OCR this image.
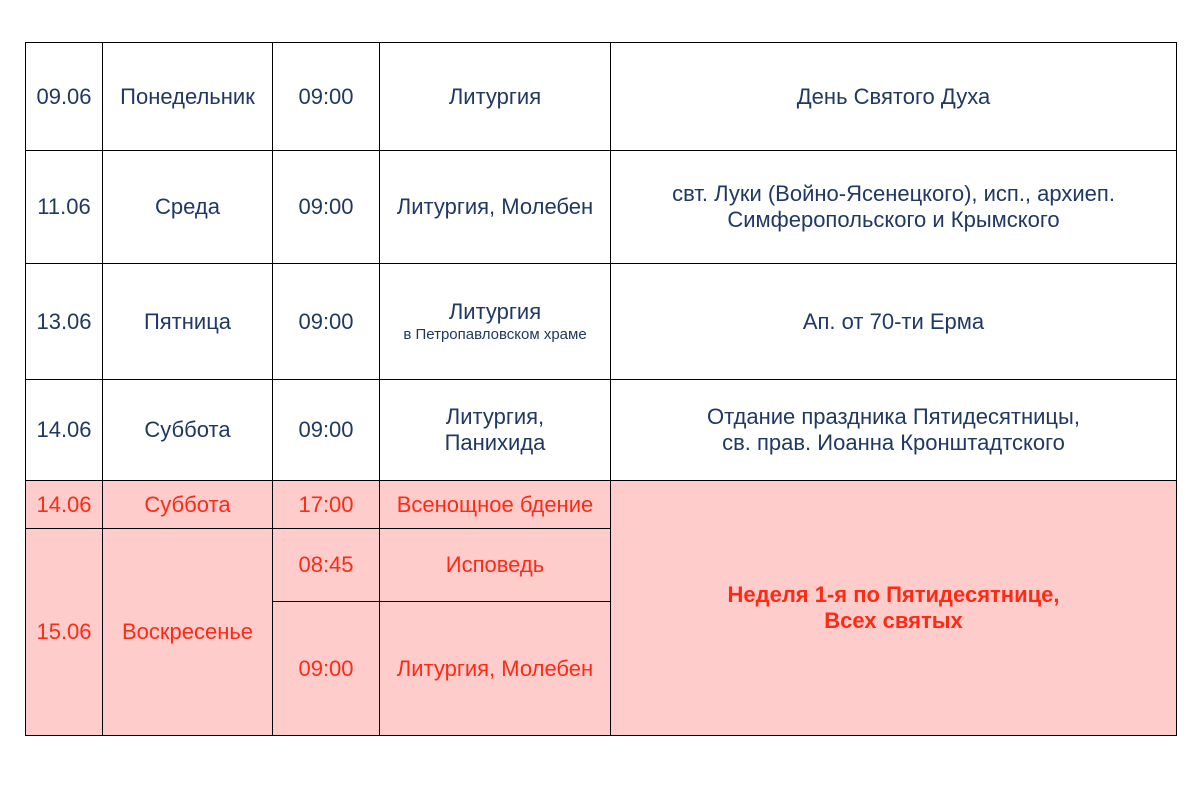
09.06	Понедельник	09:00	Литургия	День Святого Духа
11.06	Среда	09:00	Литургия, Молебен	свт. Луки (Войно-Ясенецкого), исп., архиеп.
Симферопольского и Крымского

13.06	Пятница	09:00	Литургия
в Петропавловском храме	Ап. от 70-ти Ерма
14.06	Суббота	09:00	Литургия,
Панихида	Отдание праздника Пятидесятницы,
св. прав. Иоанна Кронштадтского

14.06	Суббота	17:00	Всенощное бдение	Неделя 1-я по Пятидесятнице,
Всех святых

15.06	Воскресенье	08:45	Исповедь	
		09:00	Литургия, Молебен	
